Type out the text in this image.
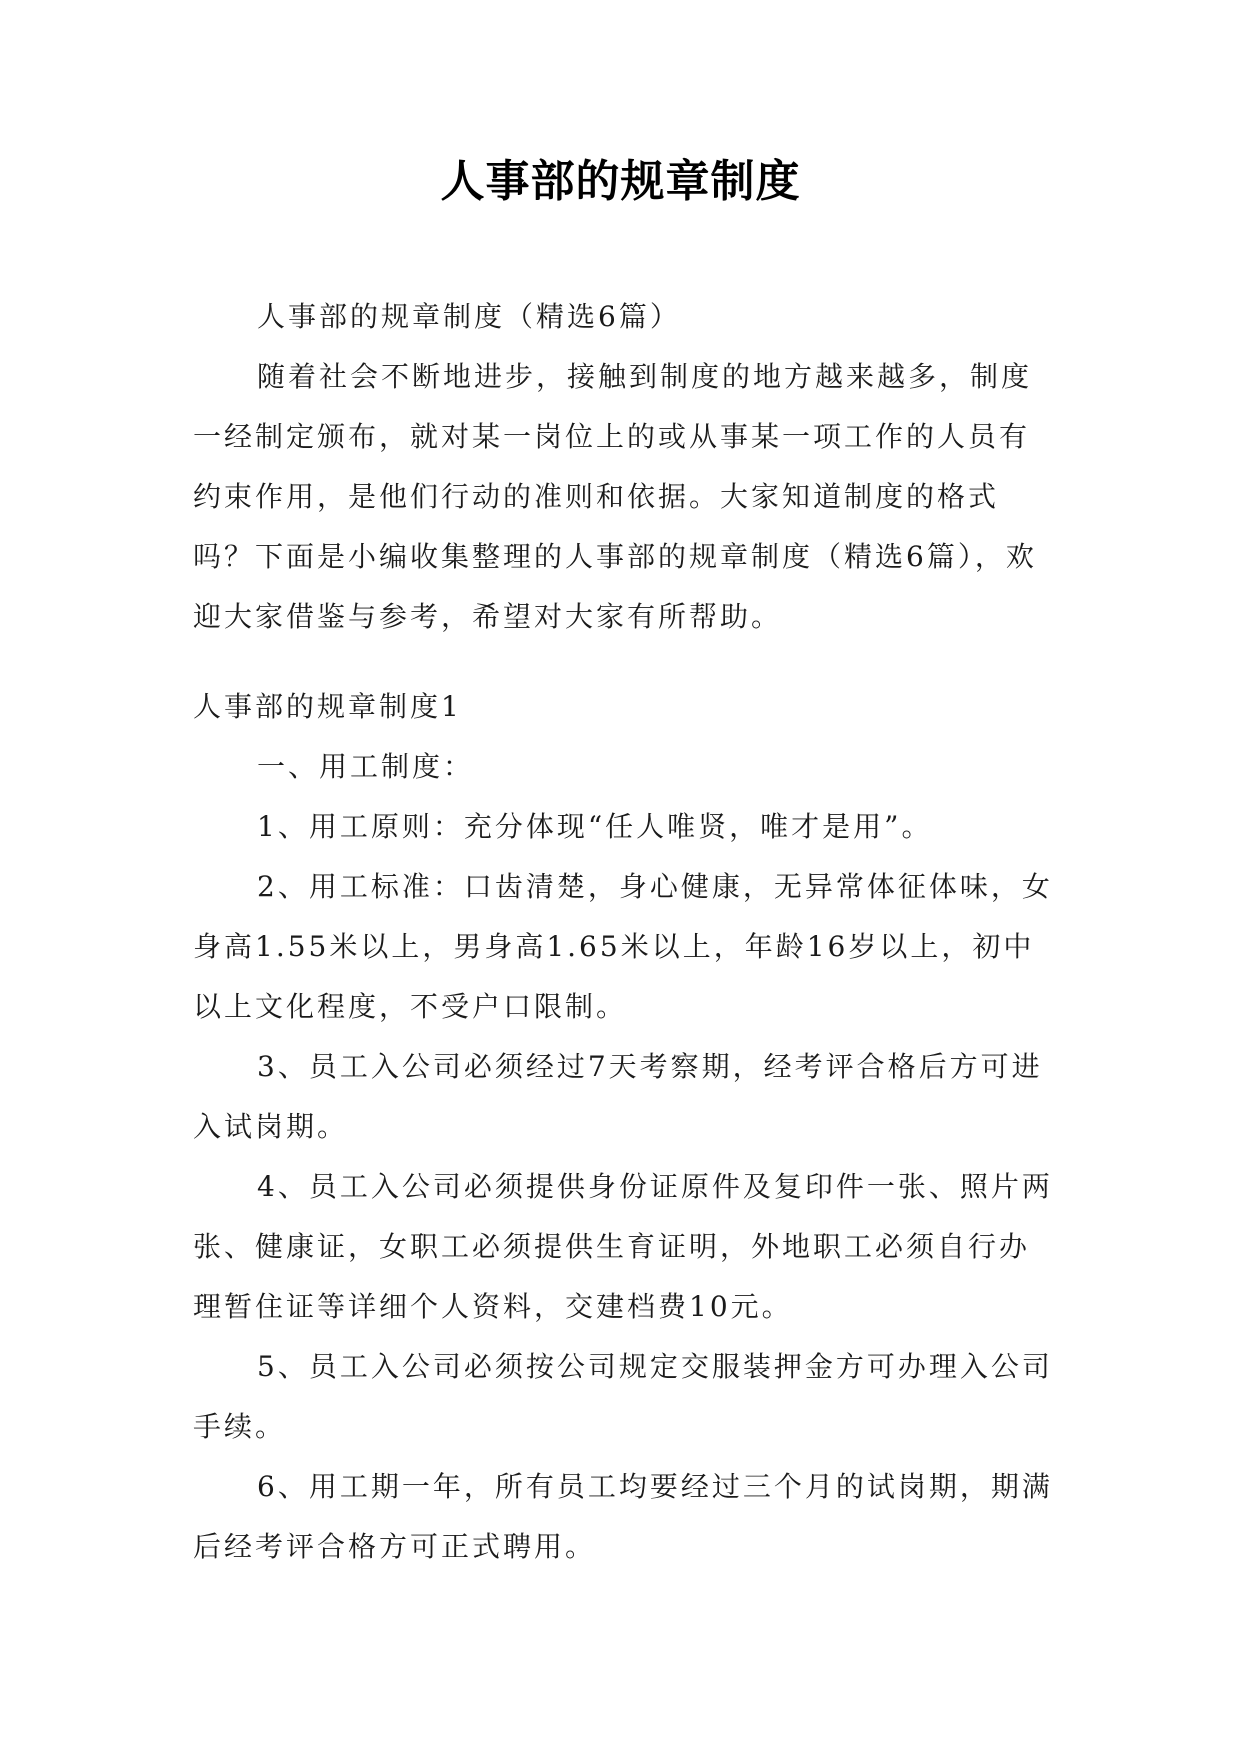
人事部的规章制度

人事部的规章制度（精选6篇）

随着社会不断地进步，接触到制度的地方越来越多，制度一经制定颁布，就对某一岗位上的或从事某一项工作的人员有约束作用，是他们行动的准则和依据。大家知道制度的格式吗？下面是小编收集整理的人事部的规章制度（精选6篇），欢迎大家借鉴与参考，希望对大家有所帮助。

人事部的规章制度1

一、用工制度：

1、用工原则：充分体现“任人唯贤，唯才是用”。

2、用工标准：口齿清楚，身心健康，无异常体征体味，女身高1.55米以上，男身高1.65米以上，年龄16岁以上，初中以上文化程度，不受户口限制。

3、员工入公司必须经过7天考察期，经考评合格后方可进入试岗期。

4、员工入公司必须提供身份证原件及复印件一张、照片两张、健康证，女职工必须提供生育证明，外地职工必须自行办理暂住证等详细个人资料，交建档费10元。

5、员工入公司必须按公司规定交服装押金方可办理入公司手续。

6、用工期一年，所有员工均要经过三个月的试岗期，期满后经考评合格方可正式聘用。
